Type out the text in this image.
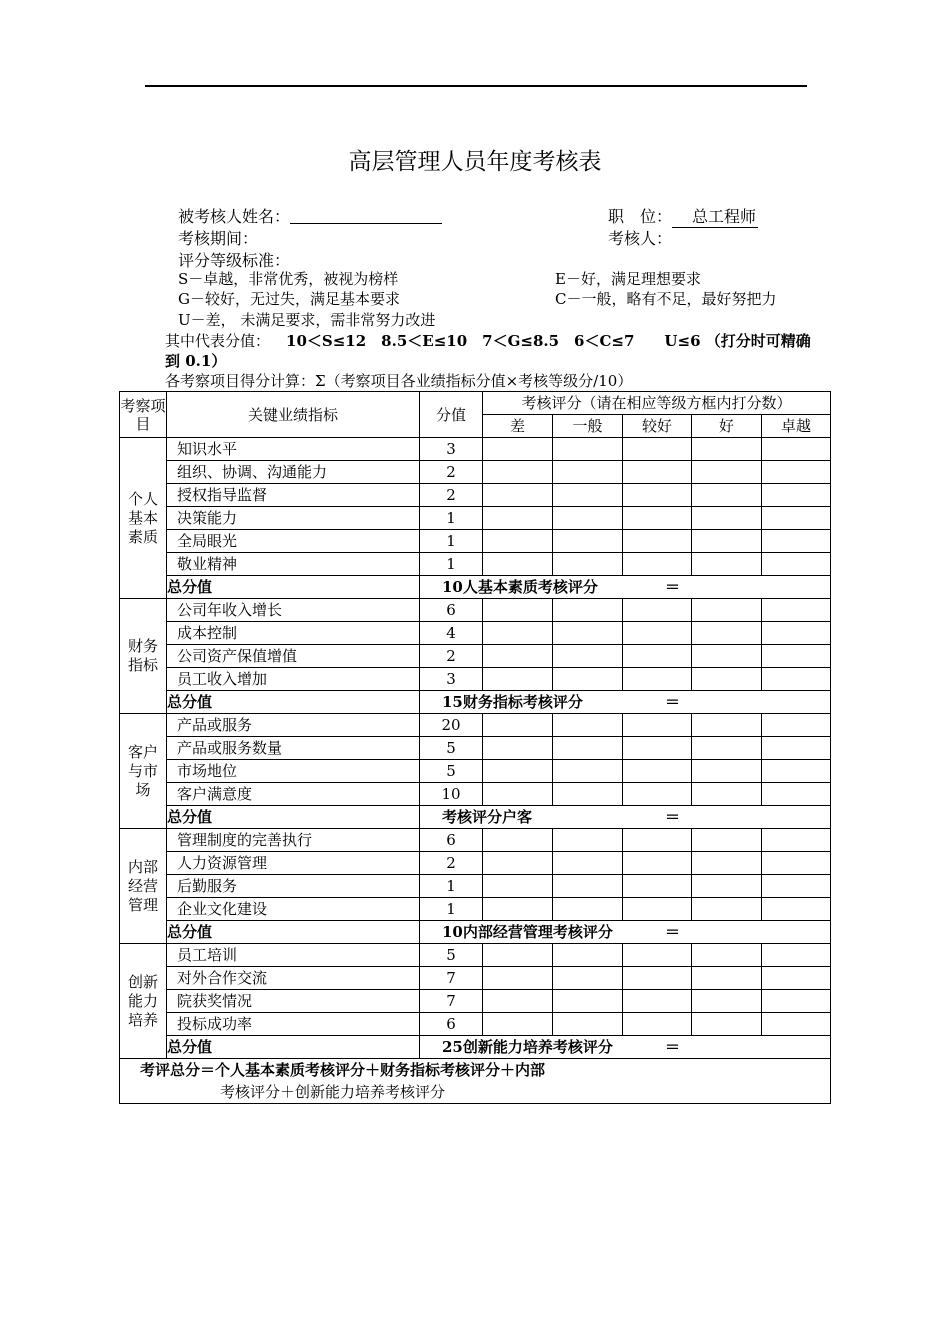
高层管理人员年度考核表
被考核人姓名：	职　位： 总工程师
考核期间：	考核人：
评分等级标准：
S－卓越，非常优秀，被视为榜样	E－好，满足理想要求
G－较好，无过失，满足基本要求	C－一般，略有不足，最好努把力
U－差， 未满足要求，需非常努力改进
其中代表分值： 10＜S≤12　8.5＜E≤10　7＜G≤8.5　6＜C≤7　　U≤6 （打分时可精确
到 0.1）
各考察项目得分计算：Σ（考察项目各业绩指标分值×考核等级分/10）
考察项目	关键业绩指标	分值	考核评分（请在相应等级方框内打分数）				
			差	一般	较好	好	卓越
个人基本素质	知识水平	3					
	组织、协调、沟通能力	2					
	授权指导监督	2					
	决策能力	1					
	全局眼光	1					
	敬业精神	1					
	总分值	10人基本素质考核评分 ＝					

财务指标	公司年收入增长	6					
	成本控制	4					
	公司资产保值增值	2					
	员工收入增加	3					
	总分值	15财务指标考核评分 ＝					

客户与市场	产品或服务	20					
	产品或服务数量	5					
	市场地位	5					
	客户满意度	10					
	总分值	考核评分户客 ＝					

内部经营管理	管理制度的完善执行	6					
	人力资源管理	2					
	后勤服务	1					
	企业文化建设	1					
	总分值	10内部经营管理考核评分 ＝					

创新能力培养	员工培训	5					
	对外合作交流	7					
	院获奖情况	7					
	投标成功率	6					
	总分值	25创新能力培养考核评分 ＝					

考评总分＝个人基本素质考核评分＋财务指标考核评分＋内部
考核评分＋创新能力培养考核评分							
